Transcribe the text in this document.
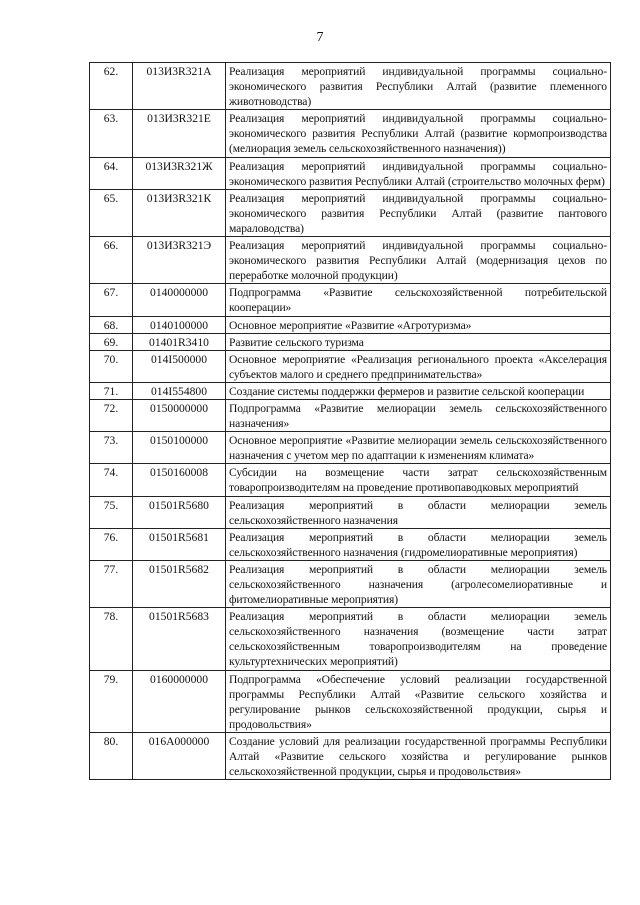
7
62.	013И3R321А	Реализация мероприятий индивидуальной программы социально-экономического развития Республики Алтай (развитие племенного животноводства)
63.	013И3R321Е	Реализация мероприятий индивидуальной программы социально-экономического развития Республики Алтай (развитие кормопроизводства (мелиорация земель сельскохозяйственного назначения))
64.	013И3R321Ж	Реализация мероприятий индивидуальной программы социально-экономического развития Республики Алтай (строительство молочных ферм)
65.	013И3R321К	Реализация мероприятий индивидуальной программы социально-экономического развития Республики Алтай (развитие пантового мараловодства)
66.	013И3R321Э	Реализация мероприятий индивидуальной программы социально-экономического развития Республики Алтай (модернизация цехов по переработке молочной продукции)
67.	0140000000	Подпрограмма «Развитие сельскохозяйственной потребительской кооперации»
68.	0140100000	Основное мероприятие «Развитие «Агротуризма»
69.	01401R3410	Развитие сельского туризма
70.	014I500000	Основное мероприятие «Реализация регионального проекта «Акселерация субъектов малого и среднего предпринимательства»
71.	014I554800	Создание системы поддержки фермеров и развитие сельской кооперации
72.	0150000000	Подпрограмма «Развитие мелиорации земель сельскохозяйственного назначения»
73.	0150100000	Основное мероприятие «Развитие мелиорации земель сельскохозяйственного назначения с учетом мер по адаптации к изменениям климата»
74.	0150160008	Субсидии на возмещение части затрат сельскохозяйственным товаропроизводителям на проведение противопаводковых мероприятий
75.	01501R5680	Реализация мероприятий в области мелиорации земель сельскохозяйственного назначения
76.	01501R5681	Реализация мероприятий в области мелиорации земель сельскохозяйственного назначения (гидромелиоративные мероприятия)
77.	01501R5682	Реализация мероприятий в области мелиорации земель сельскохозяйственного назначения (агролесомелиоративные и фитомелиоративные мероприятия)
78.	01501R5683	Реализация мероприятий в области мелиорации земель сельскохозяйственного назначения (возмещение части затрат сельскохозяйственным товаропроизводителям на проведение культуртехнических мероприятий)
79.	0160000000	Подпрограмма «Обеспечение условий реализации государственной программы Республики Алтай «Развитие сельского хозяйства и регулирование рынков сельскохозяйственной продукции, сырья и продовольствия»
80.	016А000000	Создание условий для реализации государственной программы Республики Алтай «Развитие сельского хозяйства и регулирование рынков сельскохозяйственной продукции, сырья и продовольствия»
